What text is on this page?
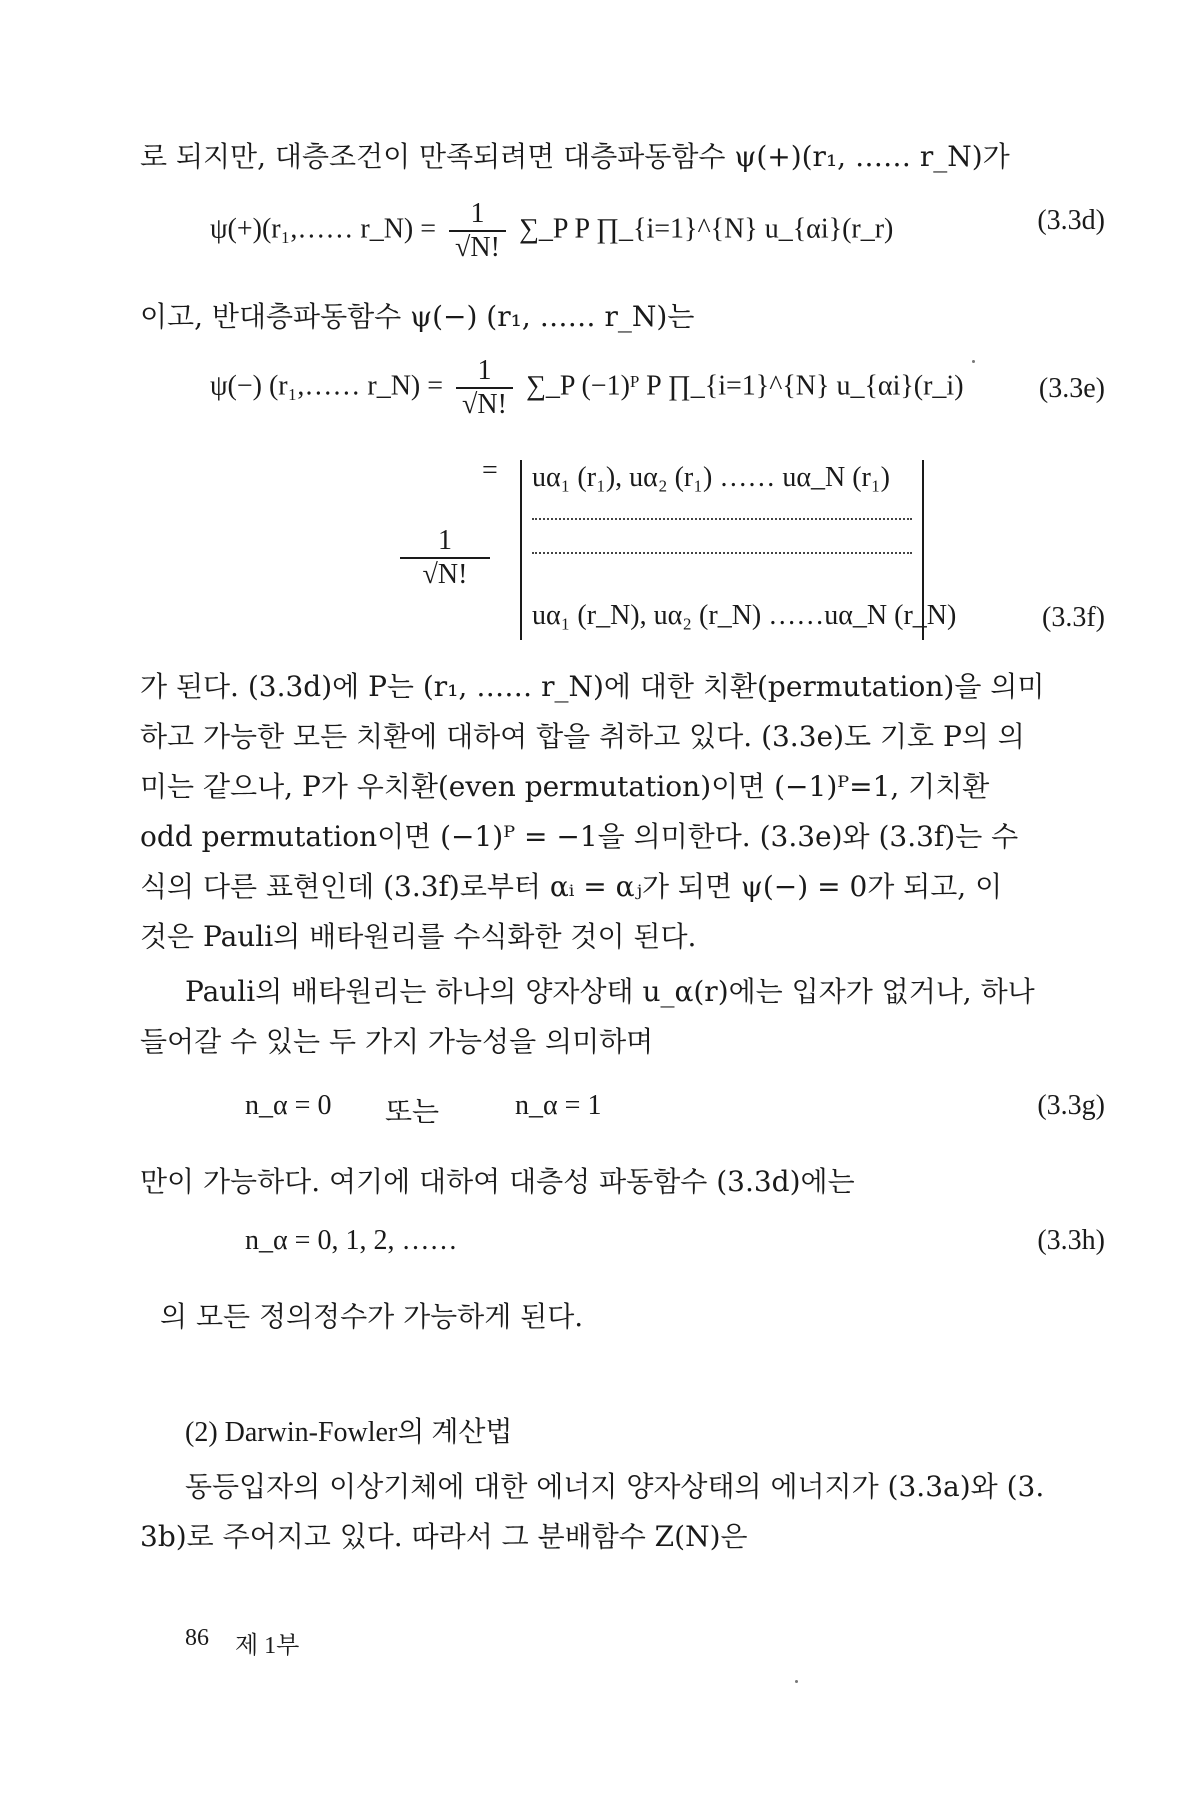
로 되지만, 대층조건이 만족되려면 대층파동함수 ψ(+)(r₁, …… r_N)가
ψ(+)(r₁,…… r_N) = $\frac{1}{√N!}$ ∑_P P ∏_{i=1}^{N} u_{αi}(r_r)	(3.3d)
이고, 반대층파동함수 ψ(−) (r₁, …… r_N)는
ψ(−) (r₁,…… r_N) = $\frac{1}{√N!}$ ∑_P (−1)ᴾ P ∏_{i=1}^{N} u_{αi}(r_i)	(3.3e)
=
$\frac{1}{√N!}$
uα₁ (r₁), uα₂ (r₁) …… uα_N (r₁)
uα₁ (r_N), uα₂ (r_N) ……uα_N (r_N)	(3.3f)
가 된다. (3.3d)에 P는 (r₁, …… r_N)에 대한 치환(permutation)을 의미
하고 가능한 모든 치환에 대하여 합을 취하고 있다. (3.3e)도 기호 P의 의
미는 같으나, P가 우치환(even permutation)이면 (−1)ᴾ=1, 기치환
odd permutation이면 (−1)ᴾ = −1을 의미한다. (3.3e)와 (3.3f)는 수
식의 다른 표현인데 (3.3f)로부터 αᵢ = αⱼ가 되면 ψ(−) = 0가 되고, 이
것은 Pauli의 배타원리를 수식화한 것이 된다.
Pauli의 배타원리는 하나의 양자상태 u_α(r)에는 입자가 없거나, 하나
들어갈 수 있는 두 가지 가능성을 의미하며
n_α = 0 또는	n_α = 1	(3.3g)
만이 가능하다. 여기에 대하여 대층성 파동함수 (3.3d)에는
n_α = 0, 1, 2, ……	(3.3h)
의 모든 정의정수가 가능하게 된다.
(2) Darwin-Fowler의 계산법
동등입자의 이상기체에 대한 에너지 양자상태의 에너지가 (3.3a)와 (3.
3b)로 주어지고 있다. 따라서 그 분배함수 Z(N)은
86 제 1부
